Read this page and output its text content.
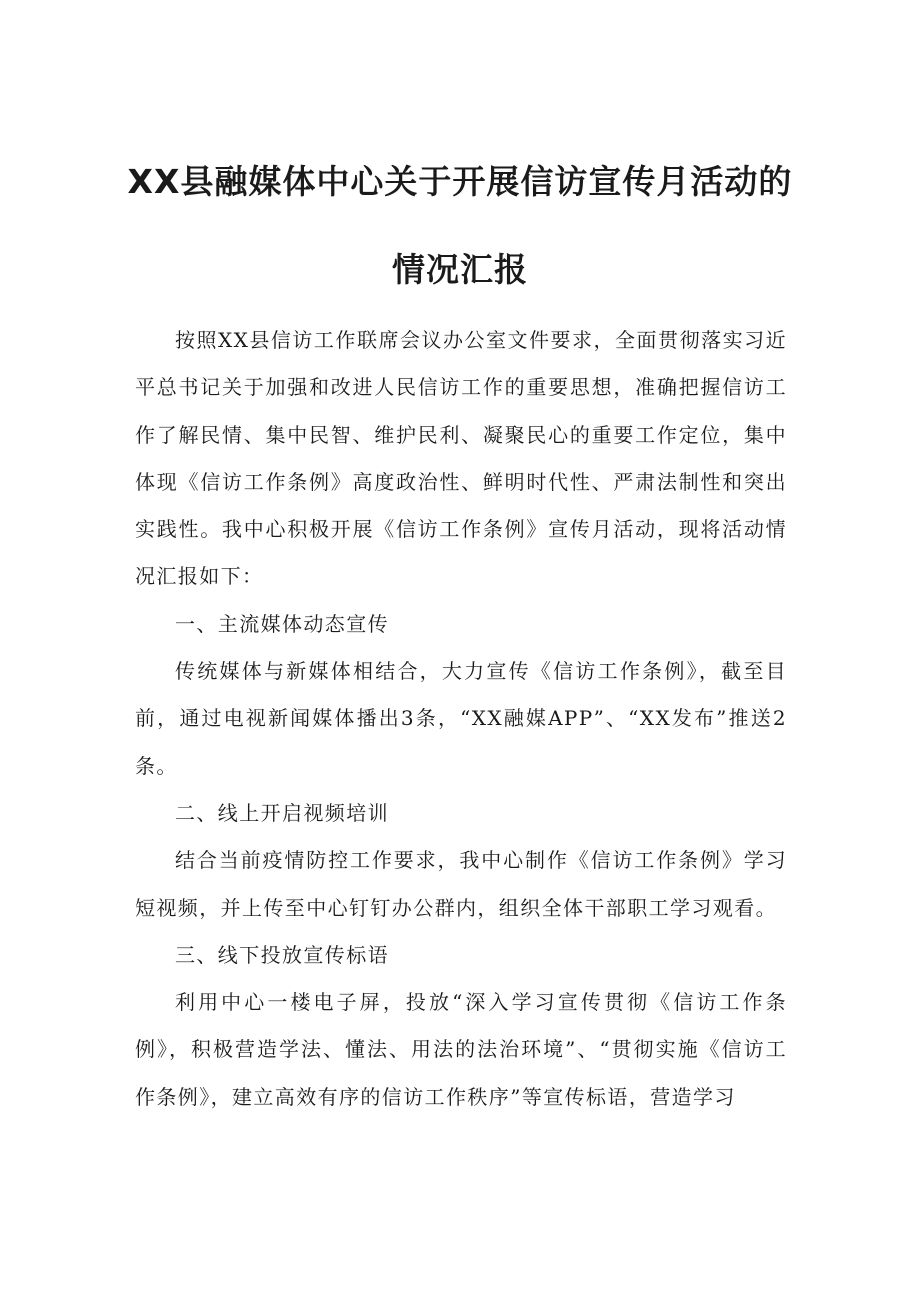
XX县融媒体中心关于开展信访宣传月活动的
情况汇报

按照XX县信访工作联席会议办公室文件要求，全面贯彻落实习近平总书记关于加强和改进人民信访工作的重要思想，准确把握信访工作了解民情、集中民智、维护民利、凝聚民心的重要工作定位，集中体现《信访工作条例》高度政治性、鲜明时代性、严肃法制性和突出实践性。我中心积极开展《信访工作条例》宣传月活动，现将活动情况汇报如下：

一、主流媒体动态宣传

传统媒体与新媒体相结合，大力宣传《信访工作条例》，截至目前，通过电视新闻媒体播出3条，“XX融媒APP”、“XX发布”推送2条。

二、线上开启视频培训

结合当前疫情防控工作要求，我中心制作《信访工作条例》学习短视频，并上传至中心钉钉办公群内，组织全体干部职工学习观看。

三、线下投放宣传标语

利用中心一楼电子屏，投放“深入学习宣传贯彻《信访工作条例》，积极营造学法、懂法、用法的法治环境”、“贯彻实施《信访工作条例》，建立高效有序的信访工作秩序”等宣传标语，营造学习
